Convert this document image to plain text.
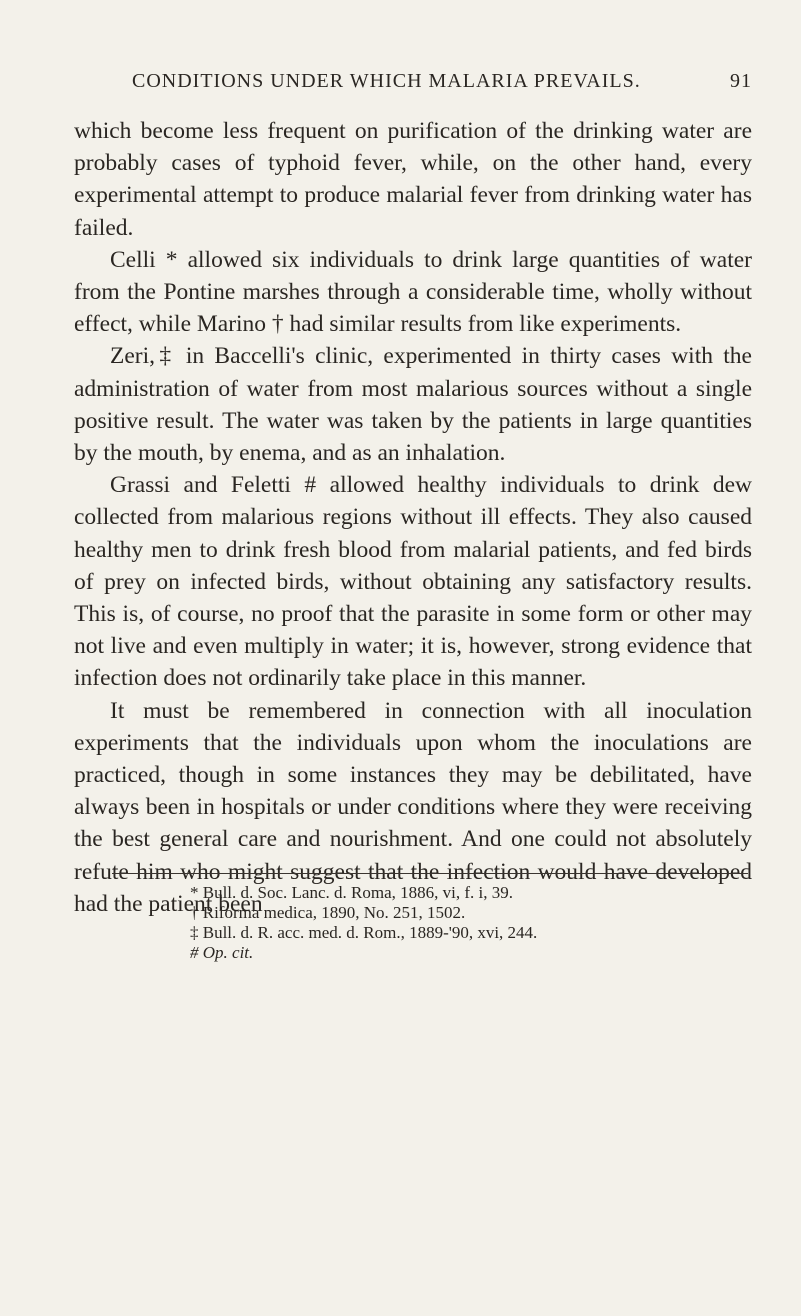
CONDITIONS UNDER WHICH MALARIA PREVAILS.	91

which become less frequent on purification of the drinking water are probably cases of typhoid fever, while, on the other hand, every experimental attempt to produce malarial fever from drinking water has failed.

Celli * allowed six individuals to drink large quantities of water from the Pontine marshes through a considerable time, wholly without effect, while Marino † had similar results from like experiments.

Zeri,‡ in Baccelli's clinic, experimented in thirty cases with the administration of water from most malarious sources without a single positive result. The water was taken by the patients in large quantities by the mouth, by enema, and as an inhalation.

Grassi and Feletti # allowed healthy individuals to drink dew collected from malarious regions without ill effects. They also caused healthy men to drink fresh blood from malarial patients, and fed birds of prey on infected birds, without obtaining any satisfactory results. This is, of course, no proof that the parasite in some form or other may not live and even multiply in water; it is, however, strong evidence that infection does not ordinarily take place in this manner.

It must be remembered in connection with all inoculation experiments that the individuals upon whom the inoculations are practiced, though in some instances they may be debilitated, have always been in hospitals or under conditions where they were receiving the best general care and nourishment. And one could not absolutely refute him who might suggest that the infection would have developed had the patient been

* Bull. d. Soc. Lanc. d. Roma, 1886, vi, f. i, 39.
† Riforma medica, 1890, No. 251, 1502.
‡ Bull. d. R. acc. med. d. Rom., 1889-'90, xvi, 244.
# Op. cit.
